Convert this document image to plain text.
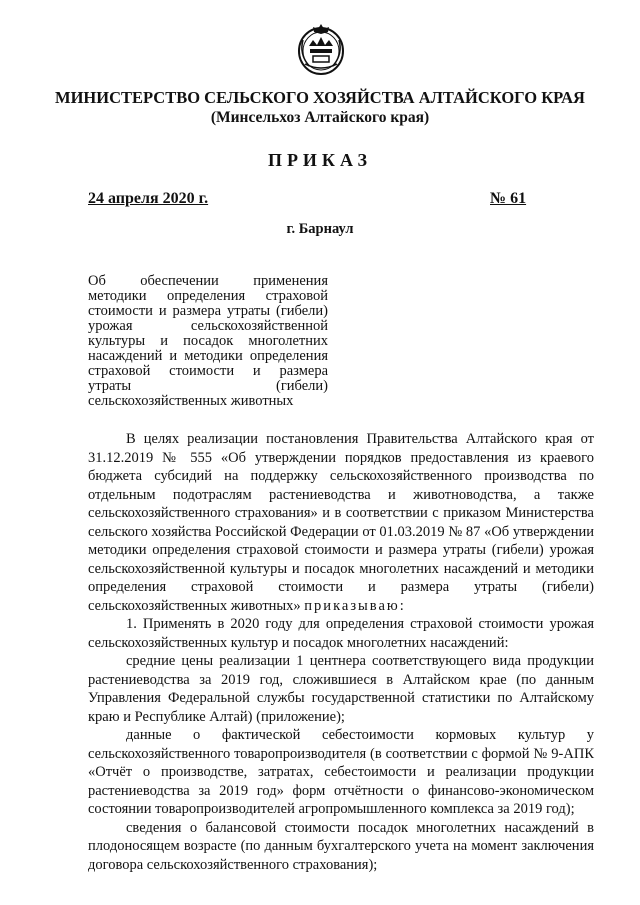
МИНИСТЕРСТВО СЕЛЬСКОГО ХОЗЯЙСТВА АЛТАЙСКОГО КРАЯ

(Минсельхоз Алтайского края)

ПРИКАЗ

24 апреля 2020 г.	№ 61
г. Барнаул
Об обеспечении применения методики определения страховой стоимости и размера утраты (гибели) урожая сельскохозяйственной культуры и посадок многолетних насаждений и методики определения страховой стоимости и размера утраты (гибели) сельскохозяйственных животных

В целях реализации постановления Правительства Алтайского края от 31.12.2019 № 555 «Об утверждении порядков предоставления из краевого бюджета субсидий на поддержку сельскохозяйственного производства по отдельным подотраслям растениеводства и животноводства, а также сельскохозяйственного страхования» и в соответствии с приказом Министерства сельского хозяйства Российской Федерации от 01.03.2019 № 87 «Об утверждении методики определения страховой стоимости и размера утраты (гибели) урожая сельскохозяйственной культуры и посадок многолетних насаждений и методики определения страховой стоимости и размера утраты (гибели) сельскохозяйственных животных» приказываю:

1. Применять в 2020 году для определения страховой стоимости урожая сельскохозяйственных культур и посадок многолетних насаждений:

средние цены реализации 1 центнера соответствующего вида продукции растениеводства за 2019 год, сложившиеся в Алтайском крае (по данным Управления Федеральной службы государственной статистики по Алтайскому краю и Республике Алтай) (приложение);

данные о фактической себестоимости кормовых культур у сельскохозяйственного товаропроизводителя (в соответствии с формой № 9-АПК «Отчёт о производстве, затратах, себестоимости и реализации продукции растениеводства за 2019 год» форм отчётности о финансово-экономическом состоянии товаропроизводителей агропромышленного комплекса за 2019 год);

сведения о балансовой стоимости посадок многолетних насаждений в плодоносящем возрасте (по данным бухгалтерского учета на момент заключения договора сельскохозяйственного страхования);
